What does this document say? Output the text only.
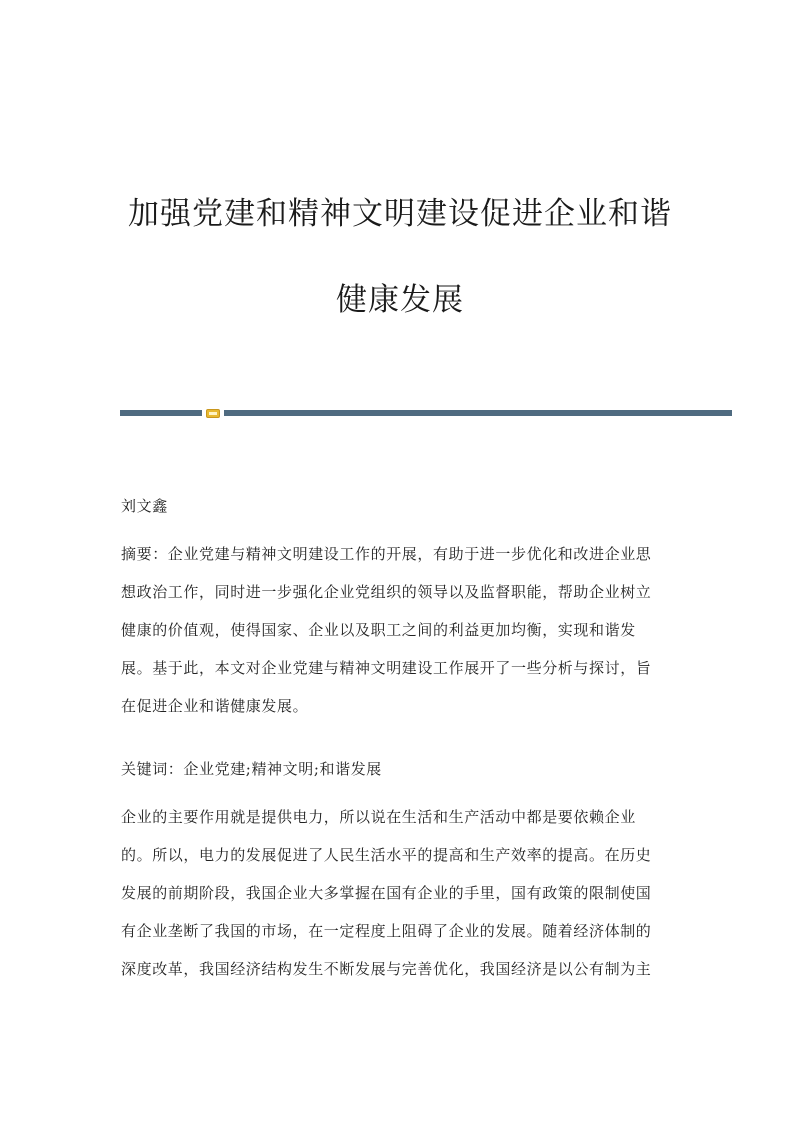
加强党建和精神文明建设促进企业和谐
健康发展
刘文鑫
摘要：企业党建与精神文明建设工作的开展，有助于进一步优化和改进企业思
想政治工作，同时进一步强化企业党组织的领导以及监督职能，帮助企业树立
健康的价值观，使得国家、企业以及职工之间的利益更加均衡，实现和谐发
展。基于此，本文对企业党建与精神文明建设工作展开了一些分析与探讨，旨
在促进企业和谐健康发展。
关键词：企业党建;精神文明;和谐发展
企业的主要作用就是提供电力，所以说在生活和生产活动中都是要依赖企业
的。所以，电力的发展促进了人民生活水平的提高和生产效率的提高。在历史
发展的前期阶段，我国企业大多掌握在国有企业的手里，国有政策的限制使国
有企业垄断了我国的市场，在一定程度上阻碍了企业的发展。随着经济体制的
深度改革，我国经济结构发生不断发展与完善优化，我国经济是以公有制为主
